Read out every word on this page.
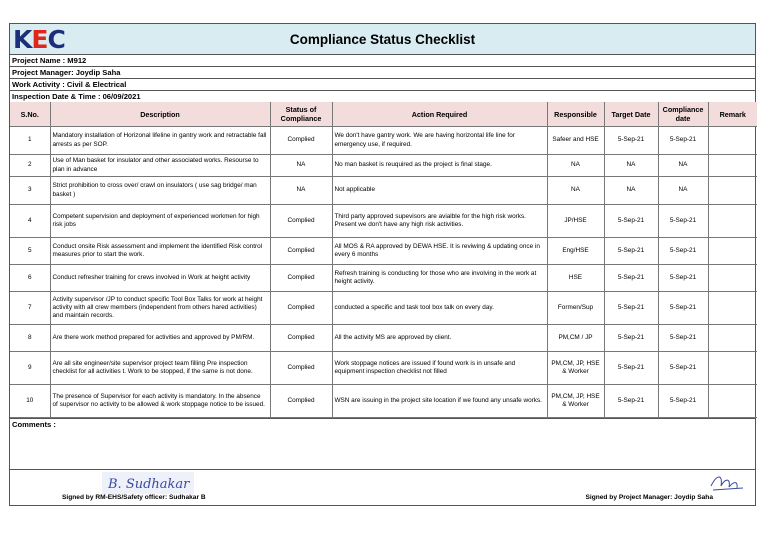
K E C	Compliance Status Checklist
Project Name : M912
Project Manager: Joydip Saha
Work Activity : Civil & Electrical
Inspection Date & Time : 06/09/2021
S.No.	Description	Status of Compliance	Action Required	Responsible	Target Date	Compliance date	Remark
1	Mandatory installation of Horizonal lifeline in gantry work and retractable fall arrests as per SOP.	Complied	We don't have gantry work. We are having horizontal life line for emergency use, if required.	Safeer and HSE	5-Sep-21	5-Sep-21	
2	Use of Man basket for insulator and other associated works. Resourse to plan in advance	NA	No man basket is reuquired as the project is final stage.	NA	NA	NA	
3	Strict prohibition to cross over/ crawl on insulators ( use sag bridge/ man basket )	NA	Not applicable	NA	NA	NA	
4	Competent supervision and deployment of experienced workmen for high risk jobs	Complied	Third party approved supevisors are avialble for the high risk works. Present we don't have any high risk activities.	JP/HSE	5-Sep-21	5-Sep-21	
5	Conduct onsite Risk assessment and implement the identified Risk control measures prior to start the work.	Complied	All MOS & RA approved by DEWA HSE. It is reviwing & updating once in every 6 months	Eng/HSE	5-Sep-21	5-Sep-21	
6	Conduct refresher training for crews involved in Work at height activity	Complied	Refresh training is conducting for those who are involving in the work at height activity.	HSE	5-Sep-21	5-Sep-21	
7	Activity supervisor /JP to conduct specific Tool Box Talks for work at height activity with all crew members (independent from others hared activities) and maintain records.	Complied	conducted a specific and task tool box talk on every day.	Formen/Sup	5-Sep-21	5-Sep-21	
8	Are there work method prepared for activities and approved by PM/RM.	Complied	All the activity MS are approved by client.	PM,CM / JP	5-Sep-21	5-Sep-21	
9	Are all site engineer/site supervisor project team filling Pre inspection checklist for all activities t. Work to be stopped, if the same is not done.	Complied	Work stoppage notices are issued if found work is in unsafe and equipment inspection checklist not filled	PM,CM, JP, HSE & Worker	5-Sep-21	5-Sep-21	
10	The presence of Supervisor for each activity is mandatory. In the absence of supervisor no activity to be allowed & work stoppage notice to be issued.	Complied	WSN are issuing in the project site location if we found any unsafe works.	PM,CM, JP, HSE & Worker	5-Sep-21	5-Sep-21	
Comments :
B. Sudhakar
Signed by RM-EHS/Safety officer: Sudhakar B	Signed by Project Manager: Joydip Saha
